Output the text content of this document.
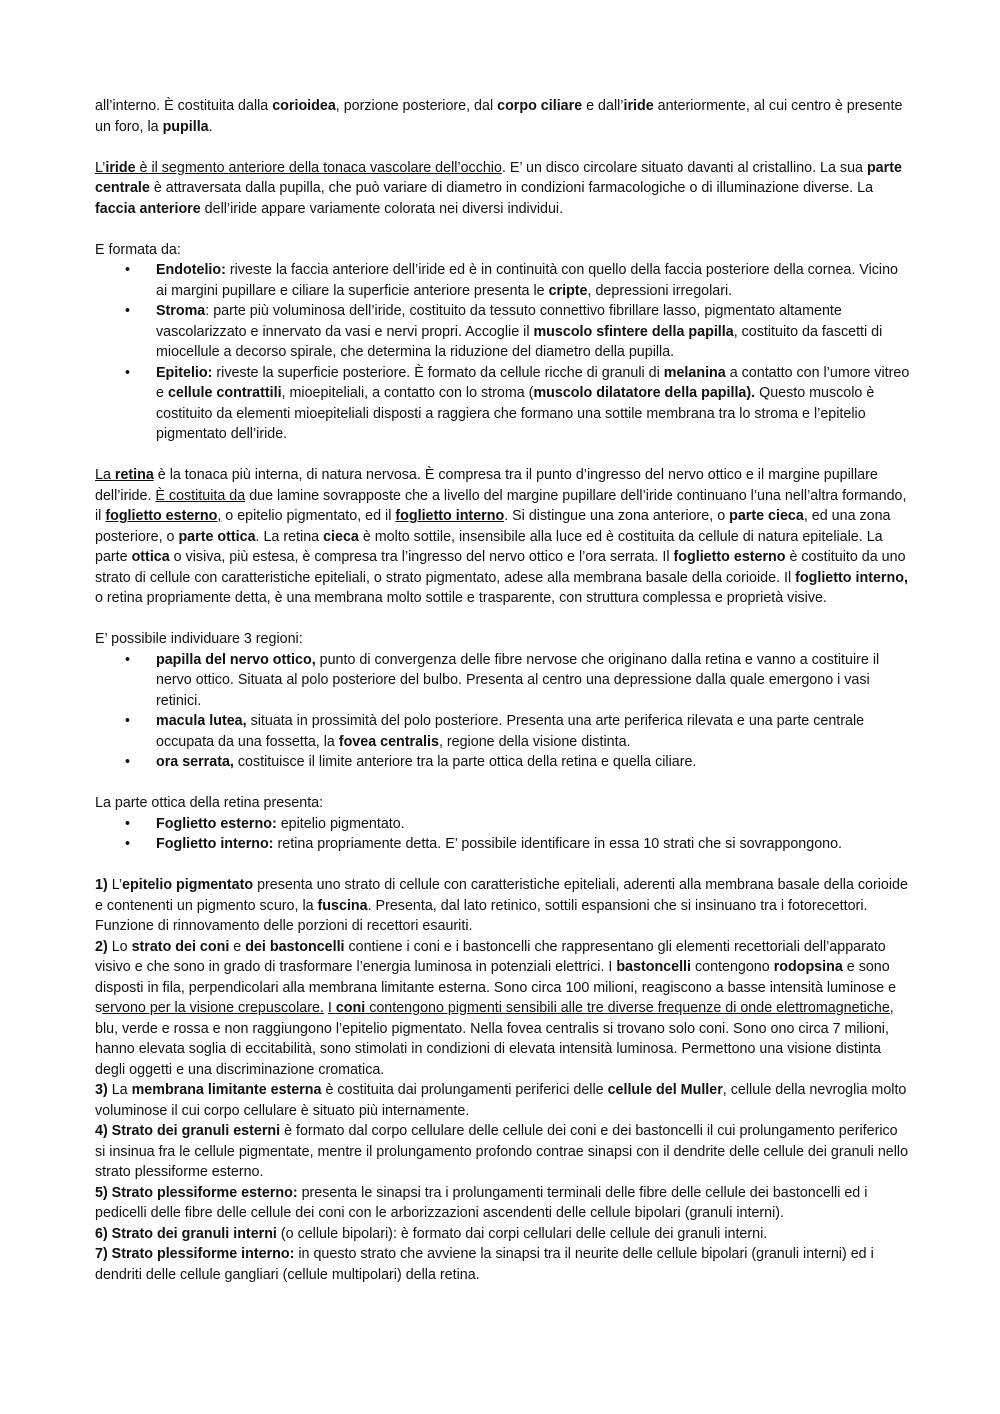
all’interno. È costituita dalla corioidea, porzione posteriore, dal corpo ciliare e dall’iride anteriormente, al cui centro è presente un foro, la pupilla.

L’iride è il segmento anteriore della tonaca vascolare dell’occhio. E’ un disco circolare situato davanti al cristallino. La sua parte centrale è attraversata dalla pupilla, che può variare di diametro in condizioni farmacologiche o di illuminazione diverse. La faccia anteriore dell’iride appare variamente colorata nei diversi individui.

E formata da:

• Endotelio: riveste la faccia anteriore dell’iride ed è in continuità con quello della faccia posteriore della cornea. Vicino ai margini pupillare e ciliare la superficie anteriore presenta le cripte, depressioni irregolari.
• Stroma: parte più voluminosa dell’iride, costituito da tessuto connettivo fibrillare lasso, pigmentato altamente vascolarizzato e innervato da vasi e nervi propri. Accoglie il muscolo sfintere della papilla, costituito da fascetti di miocellule a decorso spirale, che determina la riduzione del diametro della pupilla.
• Epitelio: riveste la superficie posteriore. È formato da cellule ricche di granuli di melanina a contatto con l’umore vitreo e cellule contrattili, mioepiteliali, a contatto con lo stroma (muscolo dilatatore della papilla). Questo muscolo è costituito da elementi mioepiteliali disposti a raggiera che formano una sottile membrana tra lo stroma e l’epitelio pigmentato dell’iride.

La retina è la tonaca più interna, di natura nervosa. È compresa tra il punto d’ingresso del nervo ottico e il margine pupillare dell’iride. È costituita da due lamine sovrapposte che a livello del margine pupillare dell’iride continuano l’una nell’altra formando, il foglietto esterno, o epitelio pigmentato, ed il foglietto interno. Si distingue una zona anteriore, o parte cieca, ed una zona posteriore, o parte ottica. La retina cieca è molto sottile, insensibile alla luce ed è costituita da cellule di natura epiteliale. La parte ottica o visiva, più estesa, è compresa tra l’ingresso del nervo ottico e l’ora serrata. Il foglietto esterno è costituito da uno strato di cellule con caratteristiche epiteliali, o strato pigmentato, adese alla membrana basale della corioide. Il foglietto interno, o retina propriamente detta, è una membrana molto sottile e trasparente, con struttura complessa e proprietà visive.

E’ possibile individuare 3 regioni:

• papilla del nervo ottico, punto di convergenza delle fibre nervose che originano dalla retina e vanno a costituire il nervo ottico. Situata al polo posteriore del bulbo. Presenta al centro una depressione dalla quale emergono i vasi retinici.
• macula lutea, situata in prossimità del polo posteriore. Presenta una arte periferica rilevata e una parte centrale occupata da una fossetta, la fovea centralis, regione della visione distinta.
• ora serrata, costituisce il limite anteriore tra la parte ottica della retina e quella ciliare.

La parte ottica della retina presenta:

• Foglietto esterno: epitelio pigmentato.
• Foglietto interno: retina propriamente detta. E’ possibile identificare in essa 10 strati che si sovrappongono.

1) L’epitelio pigmentato presenta uno strato di cellule con caratteristiche epiteliali, aderenti alla membrana basale della corioide e contenenti un pigmento scuro, la fuscina. Presenta, dal lato retinico, sottili espansioni che si insinuano tra i fotorecettori. Funzione di rinnovamento delle porzioni di recettori esauriti.

2) Lo strato dei coni e dei bastoncelli contiene i coni e i bastoncelli che rappresentano gli elementi recettoriali dell’apparato visivo e che sono in grado di trasformare l’energia luminosa in potenziali elettrici. I bastoncelli contengono rodopsina e sono disposti in fila, perpendicolari alla membrana limitante esterna. Sono circa 100 milioni, reagiscono a basse intensità luminose e servono per la visione crepuscolare. I coni contengono pigmenti sensibili alle tre diverse frequenze di onde elettromagnetiche, blu, verde e rossa e non raggiungono l’epitelio pigmentato. Nella fovea centralis si trovano solo coni. Sono ono circa 7 milioni, hanno elevata soglia di eccitabilità, sono stimolati in condizioni di elevata intensità luminosa. Permettono una visione distinta degli oggetti e una discriminazione cromatica.

3) La membrana limitante esterna è costituita dai prolungamenti periferici delle cellule del Muller, cellule della nevroglia molto voluminose il cui corpo cellulare è situato più internamente.

4) Strato dei granuli esterni è formato dal corpo cellulare delle cellule dei coni e dei bastoncelli il cui prolungamento periferico si insinua fra le cellule pigmentate, mentre il prolungamento profondo contrae sinapsi con il dendrite delle cellule dei granuli nello strato plessiforme esterno.

5) Strato plessiforme esterno: presenta le sinapsi tra i prolungamenti terminali delle fibre delle cellule dei bastoncelli ed i pedicelli delle fibre delle cellule dei coni con le arborizzazioni ascendenti delle cellule bipolari (granuli interni).

6) Strato dei granuli interni (o cellule bipolari): è formato dai corpi cellulari delle cellule dei granuli interni.

7) Strato plessiforme interno: in questo strato che avviene la sinapsi tra il neurite delle cellule bipolari (granuli interni) ed i dendriti delle cellule gangliari (cellule multipolari) della retina.
